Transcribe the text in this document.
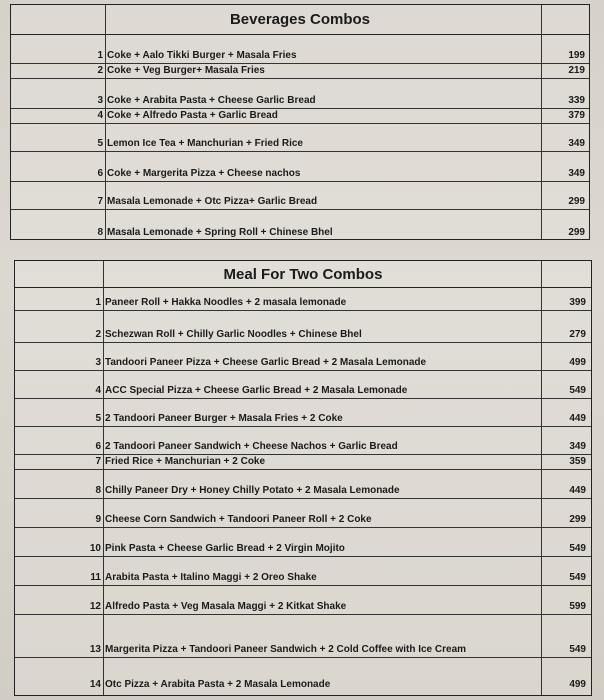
Beverages Combos
1 Coke + Aalo Tikki Burger + Masala Fries	199
2 Coke + Veg Burger+ Masala Fries	219
3 Coke + Arabita Pasta + Cheese Garlic Bread	339
4 Coke + Alfredo Pasta + Garlic Bread	379
5 Lemon Ice Tea + Manchurian + Fried Rice	349
6 Coke + Margerita Pizza + Cheese nachos	349
7 Masala Lemonade + Otc Pizza+ Garlic Bread	299
8 Masala Lemonade + Spring Roll + Chinese Bhel	299
Meal For Two Combos
1 Paneer Roll + Hakka Noodles + 2 masala lemonade	399
2 Schezwan Roll + Chilly Garlic Noodles + Chinese Bhel	279
3 Tandoori Paneer Pizza + Cheese Garlic Bread + 2 Masala Lemonade	499
4 ACC Special Pizza + Cheese Garlic Bread + 2 Masala Lemonade	549
5 2 Tandoori Paneer Burger + Masala Fries + 2 Coke	449
6 2 Tandoori Paneer Sandwich + Cheese Nachos + Garlic Bread	349
7 Fried Rice + Manchurian + 2 Coke	359
8 Chilly Paneer Dry + Honey Chilly Potato + 2 Masala Lemonade	449
9 Cheese Corn Sandwich + Tandoori Paneer Roll + 2 Coke	299
10 Pink Pasta + Cheese Garlic Bread + 2 Virgin Mojito	549
11 Arabita Pasta + Italino Maggi + 2 Oreo Shake	549
12 Alfredo Pasta + Veg Masala Maggi + 2 Kitkat Shake	599
13 Margerita Pizza + Tandoori Paneer Sandwich + 2 Cold Coffee with Ice Cream	549
14 Otc Pizza + Arabita Pasta + 2 Masala Lemonade	499
